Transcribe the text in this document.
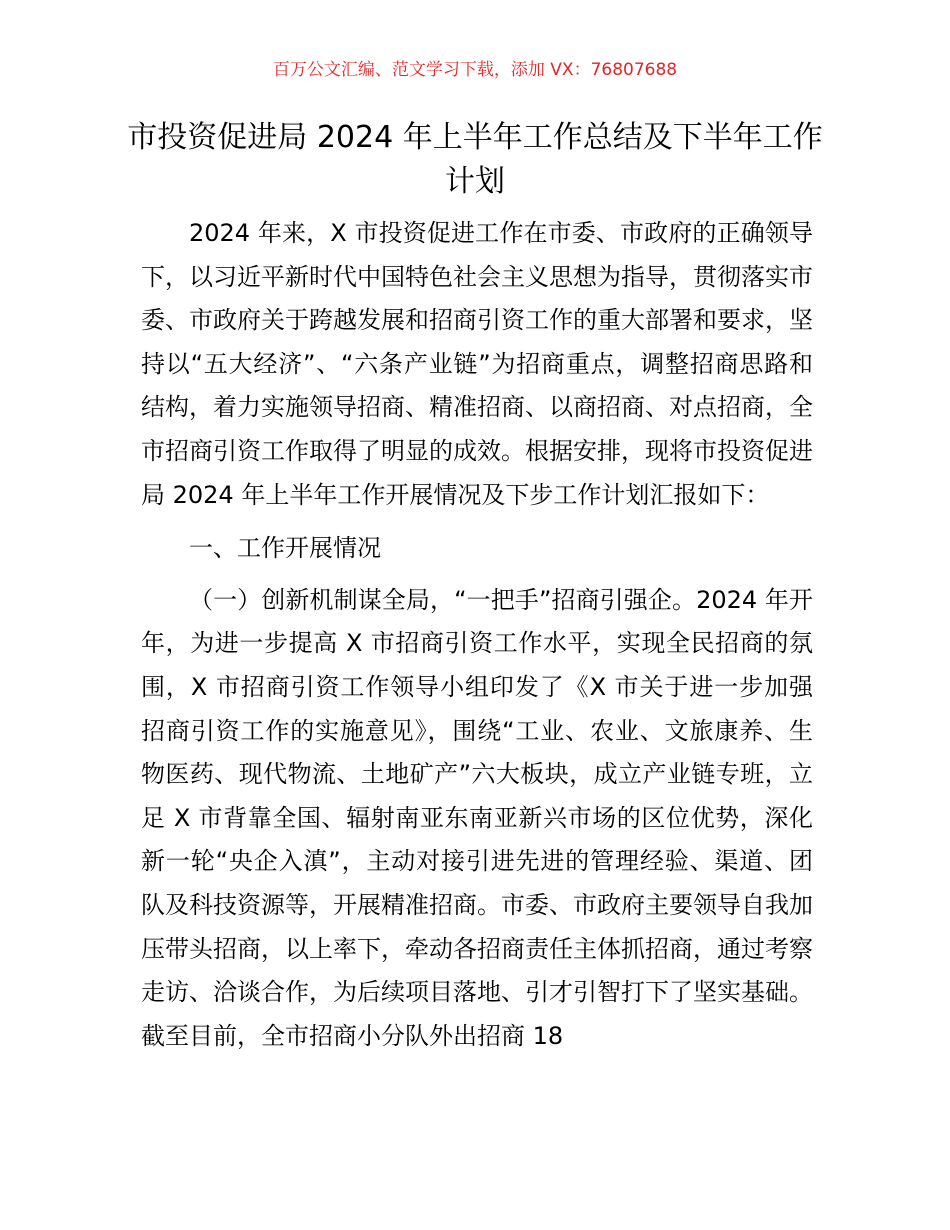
百万公文汇编、范文学习下载，添加 VX：76807688
市投资促进局 2024 年上半年工作总结及下半年工作计划

2024 年来，X 市投资促进工作在市委、市政府的正确领导下，以习近平新时代中国特色社会主义思想为指导，贯彻落实市委、市政府关于跨越发展和招商引资工作的重大部署和要求，坚持以“五大经济”、“六条产业链”为招商重点，调整招商思路和结构，着力实施领导招商、精准招商、以商招商、对点招商，全市招商引资工作取得了明显的成效。根据安排，现将市投资促进局 2024 年上半年工作开展情况及下步工作计划汇报如下：

一、工作开展情况

（一）创新机制谋全局，“一把手”招商引强企。2024 年开年，为进一步提高 X 市招商引资工作水平，实现全民招商的氛围，X 市招商引资工作领导小组印发了《X 市关于进一步加强招商引资工作的实施意见》，围绕“工业、农业、文旅康养、生物医药、现代物流、土地矿产”六大板块，成立产业链专班，立足 X 市背靠全国、辐射南亚东南亚新兴市场的区位优势，深化新一轮“央企入滇”，主动对接引进先进的管理经验、渠道、团队及科技资源等，开展精准招商。市委、市政府主要领导自我加压带头招商，以上率下，牵动各招商责任主体抓招商，通过考察走访、洽谈合作，为后续项目落地、引才引智打下了坚实基础。截至目前，全市招商小分队外出招商 18
